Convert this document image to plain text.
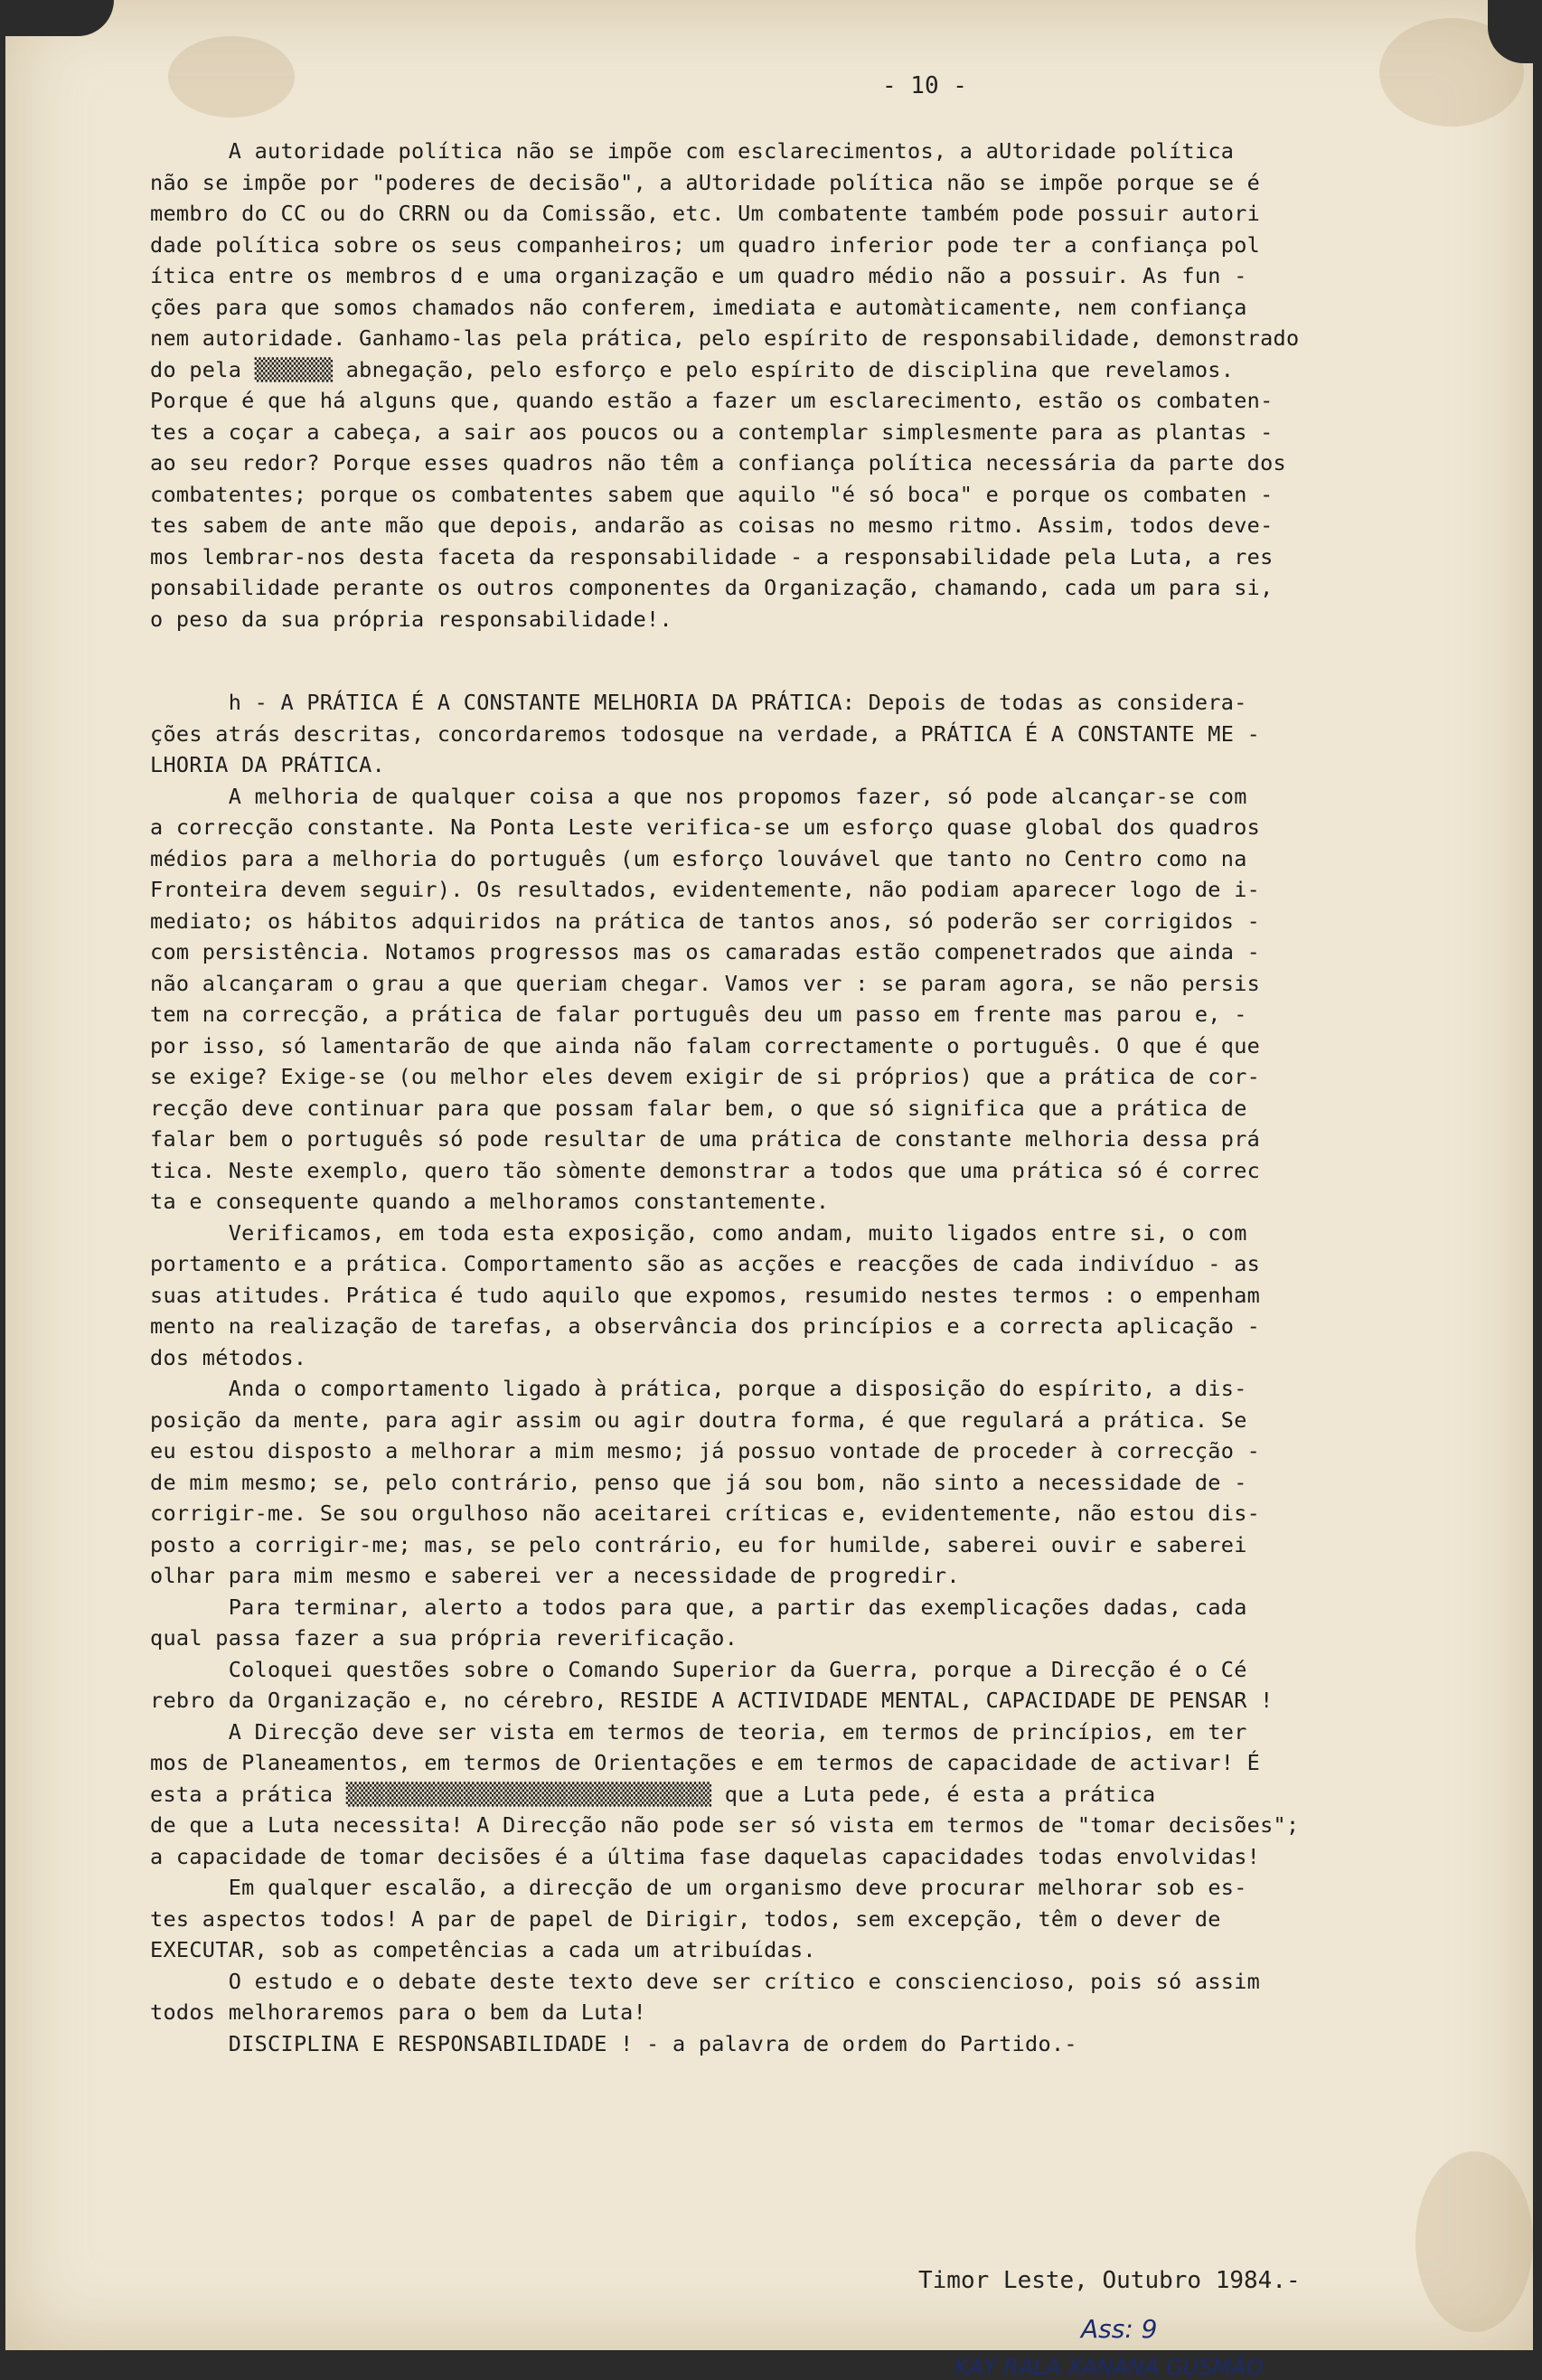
- 10 -

A autoridade política não se impõe com esclarecimentos, a aUtoridade política
não se impõe por "poderes de decisão", a aUtoridade política não se impõe porque se é
membro do CC ou do CRRN ou da Comissão, etc. Um combatente também pode possuir autori
dade política sobre os seus companheiros; um quadro inferior pode ter a confiança pol
ítica entre os membros d e uma organização e um quadro médio não a possuir. As fun -
ções para que somos chamados não conferem, imediata e automàticamente, nem confiança
nem autoridade. Ganhamo-las pela prática, pelo espírito de responsabilidade, demonstrado
do pela ▒▒▒▒▒▒ abnegação, pelo esforço e pelo espírito de disciplina que revelamos.
Porque é que há alguns que, quando estão a fazer um esclarecimento, estão os combaten-
tes a coçar a cabeça, a sair aos poucos ou a contemplar simplesmente para as plantas -
ao seu redor? Porque esses quadros não têm a confiança política necessária da parte dos
combatentes; porque os combatentes sabem que aquilo "é só boca" e porque os combaten -
tes sabem de ante mão que depois, andarão as coisas no mesmo ritmo. Assim, todos deve-
mos lembrar-nos desta faceta da responsabilidade - a responsabilidade pela Luta, a res
ponsabilidade perante os outros componentes da Organização, chamando, cada um para si,
o peso da sua própria responsabilidade!.

h - A PRÁTICA É A CONSTANTE MELHORIA DA PRÁTICA: Depois de todas as considera-
ções atrás descritas, concordaremos todosque na verdade, a PRÁTICA É A CONSTANTE ME -
LHORIA DA PRÁTICA.
A melhoria de qualquer coisa a que nos propomos fazer, só pode alcançar-se com
a correcção constante. Na Ponta Leste verifica-se um esforço quase global dos quadros
médios para a melhoria do português (um esforço louvável que tanto no Centro como na
Fronteira devem seguir). Os resultados, evidentemente, não podiam aparecer logo de i-
mediato; os hábitos adquiridos na prática de tantos anos, só poderão ser corrigidos -
com persistência. Notamos progressos mas os camaradas estão compenetrados que ainda -
não alcançaram o grau a que queriam chegar. Vamos ver : se param agora, se não persis
tem na correcção, a prática de falar português deu um passo em frente mas parou e, -
por isso, só lamentarão de que ainda não falam correctamente o português. O que é que
se exige? Exige-se (ou melhor eles devem exigir de si próprios) que a prática de cor-
recção deve continuar para que possam falar bem, o que só significa que a prática de
falar bem o português só pode resultar de uma prática de constante melhoria dessa prá
tica. Neste exemplo, quero tão sòmente demonstrar a todos que uma prática só é correc
ta e consequente quando a melhoramos constantemente.
Verificamos, em toda esta exposição, como andam, muito ligados entre si, o com
portamento e a prática. Comportamento são as acções e reacções de cada indivíduo - as
suas atitudes. Prática é tudo aquilo que expomos, resumido nestes termos : o empenham
mento na realização de tarefas, a observância dos princípios e a correcta aplicação -
dos métodos.
Anda o comportamento ligado à prática, porque a disposição do espírito, a dis-
posição da mente, para agir assim ou agir doutra forma, é que regulará a prática. Se
eu estou disposto a melhorar a mim mesmo; já possuo vontade de proceder à correcção -
de mim mesmo; se, pelo contrário, penso que já sou bom, não sinto a necessidade de -
corrigir-me. Se sou orgulhoso não aceitarei críticas e, evidentemente, não estou dis-
posto a corrigir-me; mas, se pelo contrário, eu for humilde, saberei ouvir e saberei
olhar para mim mesmo e saberei ver a necessidade de progredir.
Para terminar, alerto a todos para que, a partir das exemplicações dadas, cada
qual passa fazer a sua própria reverificação.
Coloquei questões sobre o Comando Superior da Guerra, porque a Direcção é o Cé
rebro da Organização e, no cérebro, RESIDE A ACTIVIDADE MENTAL, CAPACIDADE DE PENSAR !
A Direcção deve ser vista em termos de teoria, em termos de princípios, em ter
mos de Planeamentos, em termos de Orientações e em termos de capacidade de activar! É
esta a prática ▒▒▒▒▒▒▒▒▒▒▒▒▒▒▒▒▒▒▒▒▒▒▒▒▒▒▒▒ que a Luta pede, é esta a prática
de que a Luta necessita! A Direcção não pode ser só vista em termos de "tomar decisões";
a capacidade de tomar decisões é a última fase daquelas capacidades todas envolvidas!
Em qualquer escalão, a direcção de um organismo deve procurar melhorar sob es-
tes aspectos todos! A par de papel de Dirigir, todos, sem excepção, têm o dever de
EXECUTAR, sob as competências a cada um atribuídas.
O estudo e o debate deste texto deve ser crítico e consciencioso, pois só assim
todos melhoraremos para o bem da Luta!
DISCIPLINA E RESPONSABILIDADE ! - a palavra de ordem do Partido.-

Timor Leste, Outubro 1984.-
Ass: 9
KAY RALA XANANA GUSMÃO
